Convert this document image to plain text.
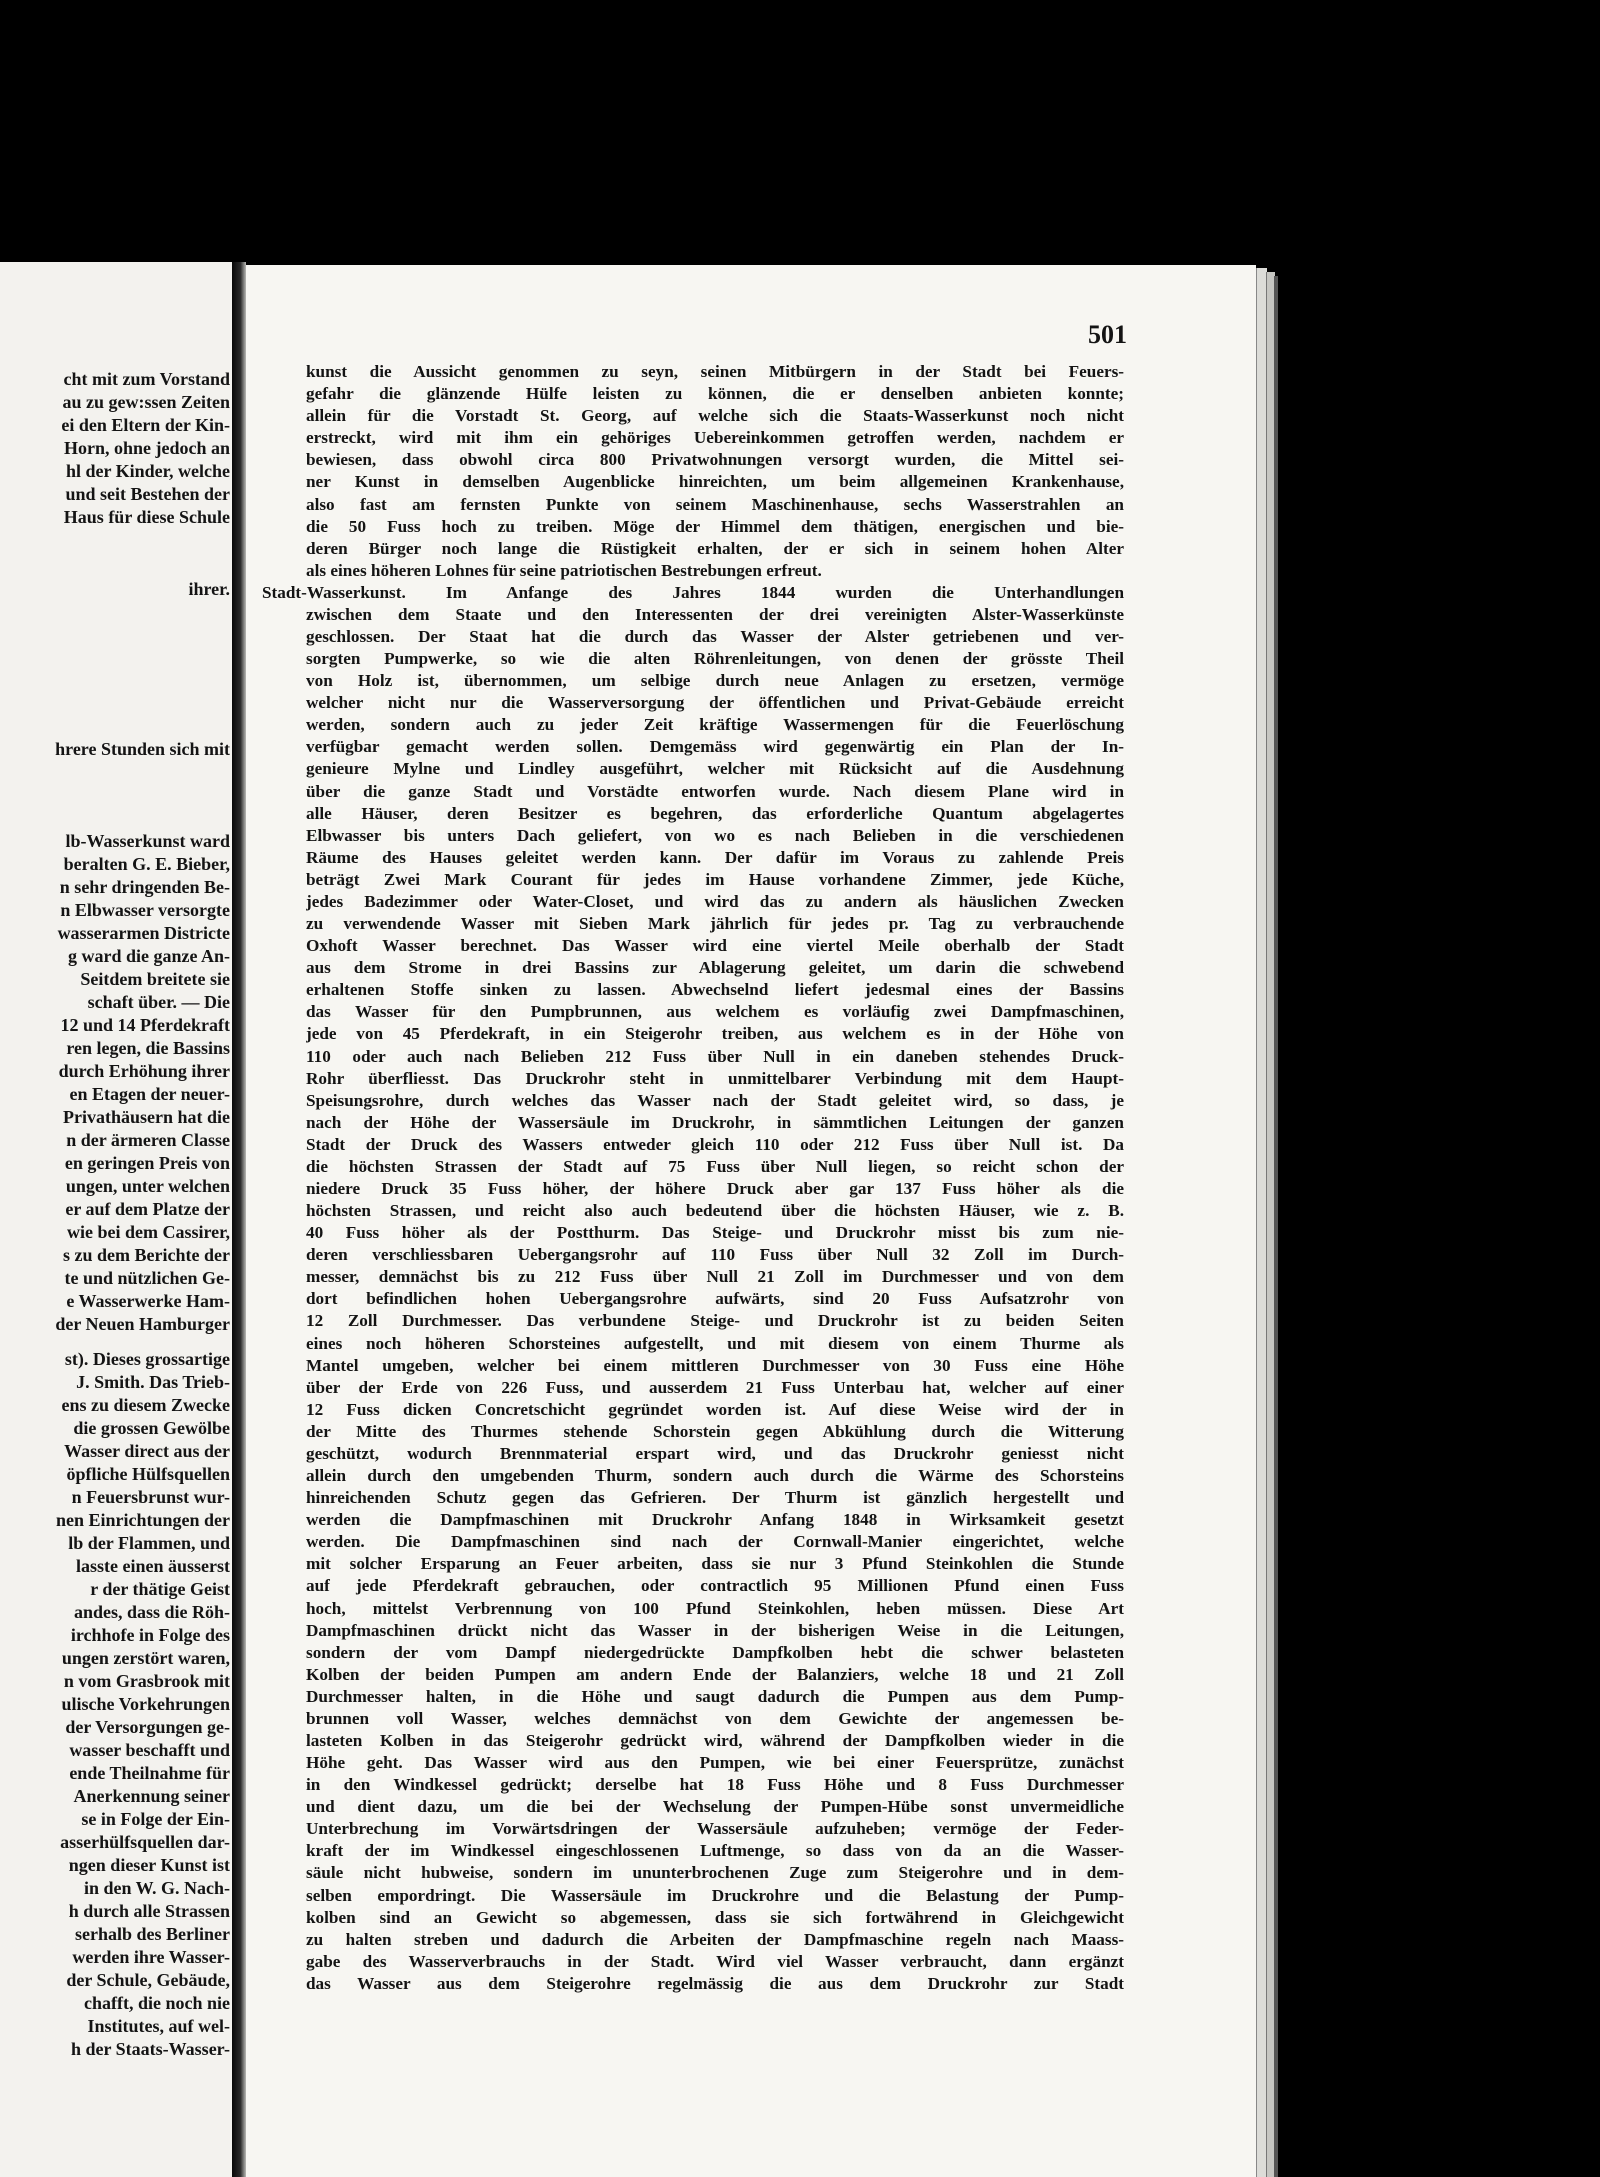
cht mit zum Vorstand
au zu gew:ssen Zeiten
ei den Eltern der Kin-
Horn, ohne jedoch an
hl der Kinder, welche
und seit Bestehen der
Haus für diese Schule
ihrer.
hrere Stunden sich mit
lb-Wasserkunst ward
beralten G. E. Bieber,
n sehr dringenden Be-
n Elbwasser versorgte
wasserarmen Districte
g ward die ganze An-
Seitdem breitete sie
schaft über. — Die
12 und 14 Pferdekraft
ren legen, die Bassins
durch Erhöhung ihrer
en Etagen der neuer-
Privathäusern hat die
n der ärmeren Classe
en geringen Preis von
ungen, unter welchen
er auf dem Platze der
wie bei dem Cassirer,
s zu dem Berichte der
te und nützlichen Ge-
e Wasserwerke Ham-
der Neuen Hamburger
st). Dieses grossartige
J. Smith. Das Trieb-
ens zu diesem Zwecke
die grossen Gewölbe
Wasser direct aus der
öpfliche Hülfsquellen
n Feuersbrunst wur-
nen Einrichtungen der
lb der Flammen, und
lasste einen äusserst
r der thätige Geist
andes, dass die Röh-
irchhofe in Folge des
ungen zerstört waren,
n vom Grasbrook mit
ulische Vorkehrungen
der Versorgungen ge-
wasser beschafft und
ende Theilnahme für
Anerkennung seiner
se in Folge der Ein-
asserhülfsquellen dar-
ngen dieser Kunst ist
in den W. G. Nach-
h durch alle Strassen
serhalb des Berliner
werden ihre Wasser-
der Schule, Gebäude,
chafft, die noch nie
Institutes, auf wel-
h der Staats-Wasser-
501
kunst die Aussicht genommen zu seyn, seinen Mitbürgern in der Stadt bei Feuers-
gefahr die glänzende Hülfe leisten zu können, die er denselben anbieten konnte;
allein für die Vorstadt St. Georg, auf welche sich die Staats-Wasserkunst noch nicht
erstreckt, wird mit ihm ein gehöriges Uebereinkommen getroffen werden, nachdem er
bewiesen, dass obwohl circa 800 Privatwohnungen versorgt wurden, die Mittel sei-
ner Kunst in demselben Augenblicke hinreichten, um beim allgemeinen Krankenhause,
also fast am fernsten Punkte von seinem Maschinenhause, sechs Wasserstrahlen an
die 50 Fuss hoch zu treiben. Möge der Himmel dem thätigen, energischen und bie-
deren Bürger noch lange die Rüstigkeit erhalten, der er sich in seinem hohen Alter
als eines höheren Lohnes für seine patriotischen Bestrebungen erfreut.
Stadt-Wasserkunst. Im Anfange des Jahres 1844 wurden die Unterhandlungen
zwischen dem Staate und den Interessenten der drei vereinigten Alster-Wasserkünste
geschlossen. Der Staat hat die durch das Wasser der Alster getriebenen und ver-
sorgten Pumpwerke, so wie die alten Röhrenleitungen, von denen der grösste Theil
von Holz ist, übernommen, um selbige durch neue Anlagen zu ersetzen, vermöge
welcher nicht nur die Wasserversorgung der öffentlichen und Privat-Gebäude erreicht
werden, sondern auch zu jeder Zeit kräftige Wassermengen für die Feuerlöschung
verfügbar gemacht werden sollen. Demgemäss wird gegenwärtig ein Plan der In-
genieure Mylne und Lindley ausgeführt, welcher mit Rücksicht auf die Ausdehnung
über die ganze Stadt und Vorstädte entworfen wurde. Nach diesem Plane wird in
alle Häuser, deren Besitzer es begehren, das erforderliche Quantum abgelagertes
Elbwasser bis unters Dach geliefert, von wo es nach Belieben in die verschiedenen
Räume des Hauses geleitet werden kann. Der dafür im Voraus zu zahlende Preis
beträgt Zwei Mark Courant für jedes im Hause vorhandene Zimmer, jede Küche,
jedes Badezimmer oder Water-Closet, und wird das zu andern als häuslichen Zwecken
zu verwendende Wasser mit Sieben Mark jährlich für jedes pr. Tag zu verbrauchende
Oxhoft Wasser berechnet. Das Wasser wird eine viertel Meile oberhalb der Stadt
aus dem Strome in drei Bassins zur Ablagerung geleitet, um darin die schwebend
erhaltenen Stoffe sinken zu lassen. Abwechselnd liefert jedesmal eines der Bassins
das Wasser für den Pumpbrunnen, aus welchem es vorläufig zwei Dampfmaschinen,
jede von 45 Pferdekraft, in ein Steigerohr treiben, aus welchem es in der Höhe von
110 oder auch nach Belieben 212 Fuss über Null in ein daneben stehendes Druck-
Rohr überfliesst. Das Druckrohr steht in unmittelbarer Verbindung mit dem Haupt-
Speisungsrohre, durch welches das Wasser nach der Stadt geleitet wird, so dass, je
nach der Höhe der Wassersäule im Druckrohr, in sämmtlichen Leitungen der ganzen
Stadt der Druck des Wassers entweder gleich 110 oder 212 Fuss über Null ist. Da
die höchsten Strassen der Stadt auf 75 Fuss über Null liegen, so reicht schon der
niedere Druck 35 Fuss höher, der höhere Druck aber gar 137 Fuss höher als die
höchsten Strassen, und reicht also auch bedeutend über die höchsten Häuser, wie z. B.
40 Fuss höher als der Postthurm. Das Steige- und Druckrohr misst bis zum nie-
deren verschliessbaren Uebergangsrohr auf 110 Fuss über Null 32 Zoll im Durch-
messer, demnächst bis zu 212 Fuss über Null 21 Zoll im Durchmesser und von dem
dort befindlichen hohen Uebergangsrohre aufwärts, sind 20 Fuss Aufsatzrohr von
12 Zoll Durchmesser. Das verbundene Steige- und Druckrohr ist zu beiden Seiten
eines noch höheren Schorsteines aufgestellt, und mit diesem von einem Thurme als
Mantel umgeben, welcher bei einem mittleren Durchmesser von 30 Fuss eine Höhe
über der Erde von 226 Fuss, und ausserdem 21 Fuss Unterbau hat, welcher auf einer
12 Fuss dicken Concretschicht gegründet worden ist. Auf diese Weise wird der in
der Mitte des Thurmes stehende Schorstein gegen Abkühlung durch die Witterung
geschützt, wodurch Brennmaterial erspart wird, und das Druckrohr geniesst nicht
allein durch den umgebenden Thurm, sondern auch durch die Wärme des Schorsteins
hinreichenden Schutz gegen das Gefrieren. Der Thurm ist gänzlich hergestellt und
werden die Dampfmaschinen mit Druckrohr Anfang 1848 in Wirksamkeit gesetzt
werden. Die Dampfmaschinen sind nach der Cornwall-Manier eingerichtet, welche
mit solcher Ersparung an Feuer arbeiten, dass sie nur 3 Pfund Steinkohlen die Stunde
auf jede Pferdekraft gebrauchen, oder contractlich 95 Millionen Pfund einen Fuss
hoch, mittelst Verbrennung von 100 Pfund Steinkohlen, heben müssen. Diese Art
Dampfmaschinen drückt nicht das Wasser in der bisherigen Weise in die Leitungen,
sondern der vom Dampf niedergedrückte Dampfkolben hebt die schwer belasteten
Kolben der beiden Pumpen am andern Ende der Balanziers, welche 18 und 21 Zoll
Durchmesser halten, in die Höhe und saugt dadurch die Pumpen aus dem Pump-
brunnen voll Wasser, welches demnächst von dem Gewichte der angemessen be-
lasteten Kolben in das Steigerohr gedrückt wird, während der Dampfkolben wieder in die
Höhe geht. Das Wasser wird aus den Pumpen, wie bei einer Feuersprütze, zunächst
in den Windkessel gedrückt; derselbe hat 18 Fuss Höhe und 8 Fuss Durchmesser
und dient dazu, um die bei der Wechselung der Pumpen-Hübe sonst unvermeidliche
Unterbrechung im Vorwärtsdringen der Wassersäule aufzuheben; vermöge der Feder-
kraft der im Windkessel eingeschlossenen Luftmenge, so dass von da an die Wasser-
säule nicht hubweise, sondern im ununterbrochenen Zuge zum Steigerohre und in dem-
selben empordringt. Die Wassersäule im Druckrohre und die Belastung der Pump-
kolben sind an Gewicht so abgemessen, dass sie sich fortwährend in Gleichgewicht
zu halten streben und dadurch die Arbeiten der Dampfmaschine regeln nach Maass-
gabe des Wasserverbrauchs in der Stadt. Wird viel Wasser verbraucht, dann ergänzt
das Wasser aus dem Steigerohre regelmässig die aus dem Druckrohr zur Stadt
